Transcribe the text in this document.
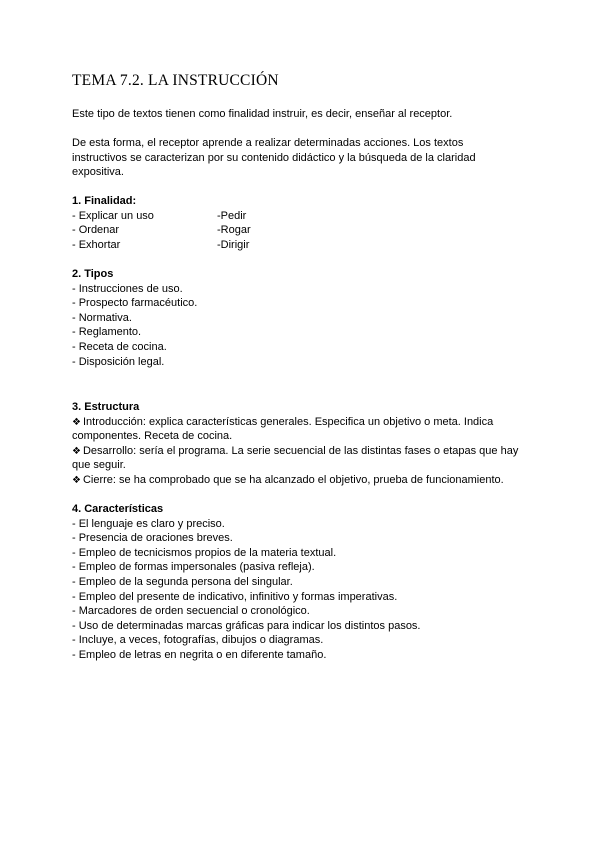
TEMA 7.2. LA INSTRUCCIÓN
Este tipo de textos tienen como finalidad instruir, es decir, enseñar al receptor.
De esta forma, el receptor aprende a realizar determinadas acciones. Los textos instructivos se caracterizan por su contenido didáctico y la búsqueda de la claridad expositiva.
1. Finalidad:
- Explicar un uso	-Pedir
- Ordenar	-Rogar
- Exhortar	-Dirigir
2. Tipos
- Instrucciones de uso.
- Prospecto farmacéutico.
- Normativa.
- Reglamento.
- Receta de cocina.
- Disposición legal.
3. Estructura
❖ Introducción: explica características generales. Especifica un objetivo o meta. Indica
componentes. Receta de cocina.
❖ Desarrollo: sería el programa. La serie secuencial de las distintas fases o etapas que hay
que seguir.
❖ Cierre: se ha comprobado que se ha alcanzado el objetivo, prueba de funcionamiento.
4. Características
- El lenguaje es claro y preciso.
- Presencia de oraciones breves.
- Empleo de tecnicismos propios de la materia textual.
- Empleo de formas impersonales (pasiva refleja).
- Empleo de la segunda persona del singular.
- Empleo del presente de indicativo, infinitivo y formas imperativas.
- Marcadores de orden secuencial o cronológico.
- Uso de determinadas marcas gráficas para indicar los distintos pasos.
- Incluye, a veces, fotografías, dibujos o diagramas.
- Empleo de letras en negrita o en diferente tamaño.
